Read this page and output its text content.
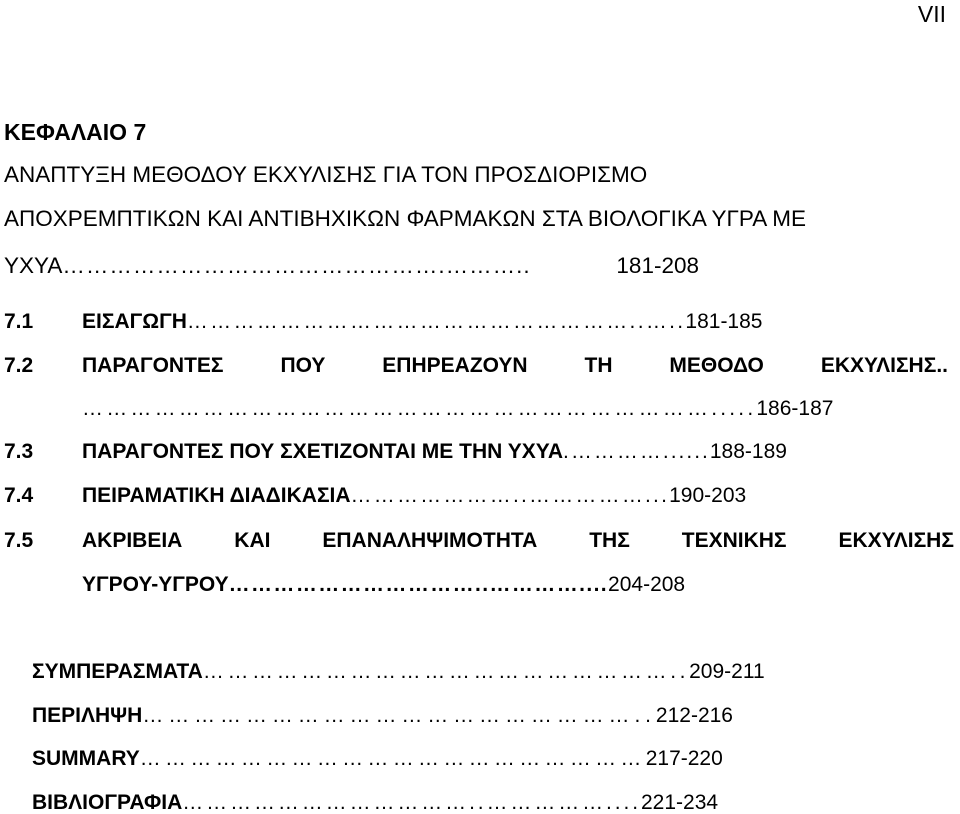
VII
ΚΕΦΑΛΑΙΟ 7
ΑΝΑΠΤΥΞΗ ΜΕΘΟΔΟΥ ΕΚΧΥΛΙΣΗΣ ΓΙΑ ΤΟΝ ΠΡΟΣΔΙΟΡΙΣΜΟ
ΑΠΟΧΡΕΜΠΤΙΚΩΝ ΚΑΙ ΑΝΤΙΒΗΧΙΚΩΝ ΦΑΡΜΑΚΩΝ ΣΤΑ ΒΙΟΛΟΓΙΚΑ ΥΓΡΑ ΜΕ
ΥΧΥΑ ………………………………………….………..	181-208
7.1 ΕΙΣΑΓΩΓΗ…………………………………………………..…..181-185
7.2 ΠΑΡΑΓΟΝΤΕΣ	ΠΟΥ	ΕΠΗΡΕΑΖΟΥΝ	ΤΗ	ΜΕΘΟΔΟ	ΕΚΧΥΛΙΣΗΣ..
…………………………………………………………………….....186-187
7.3 ΠΑΡΑΓΟΝΤΕΣ ΠΟΥ ΣΧΕΤΙΖΟΝΤΑΙ ΜΕ ΤΗΝ ΥΧΥΑ.…………......188-189
7.4 ΠΕΙΡΑΜΑΤΙΚΗ ΔΙΑΔΙΚΑΣΙΑ…………………..……………...190-203
7.5 ΑΚΡΙΒΕΙΑ ΚΑΙ ΕΠΑΝΑΛΗΨΙΜΟΤΗΤΑ ΤΗΣ ΤΕΧΝΙΚΗΣ ΕΚΧΥΛΙΣΗΣ
ΥΓΡΟΥ-ΥΓΡΟΥ……………………………..…………....204-208
ΣΥΜΠΕΡΑΣΜΑΤΑ…………………………………………………..209-211
ΠΕΡΙΛΗΨΗ…………………………………………………..212-216
SUMMARY……………………………………………………217-220
ΒΙΒΛΙΟΓΡΑΦΙΑ………………………………..……………....221-234
